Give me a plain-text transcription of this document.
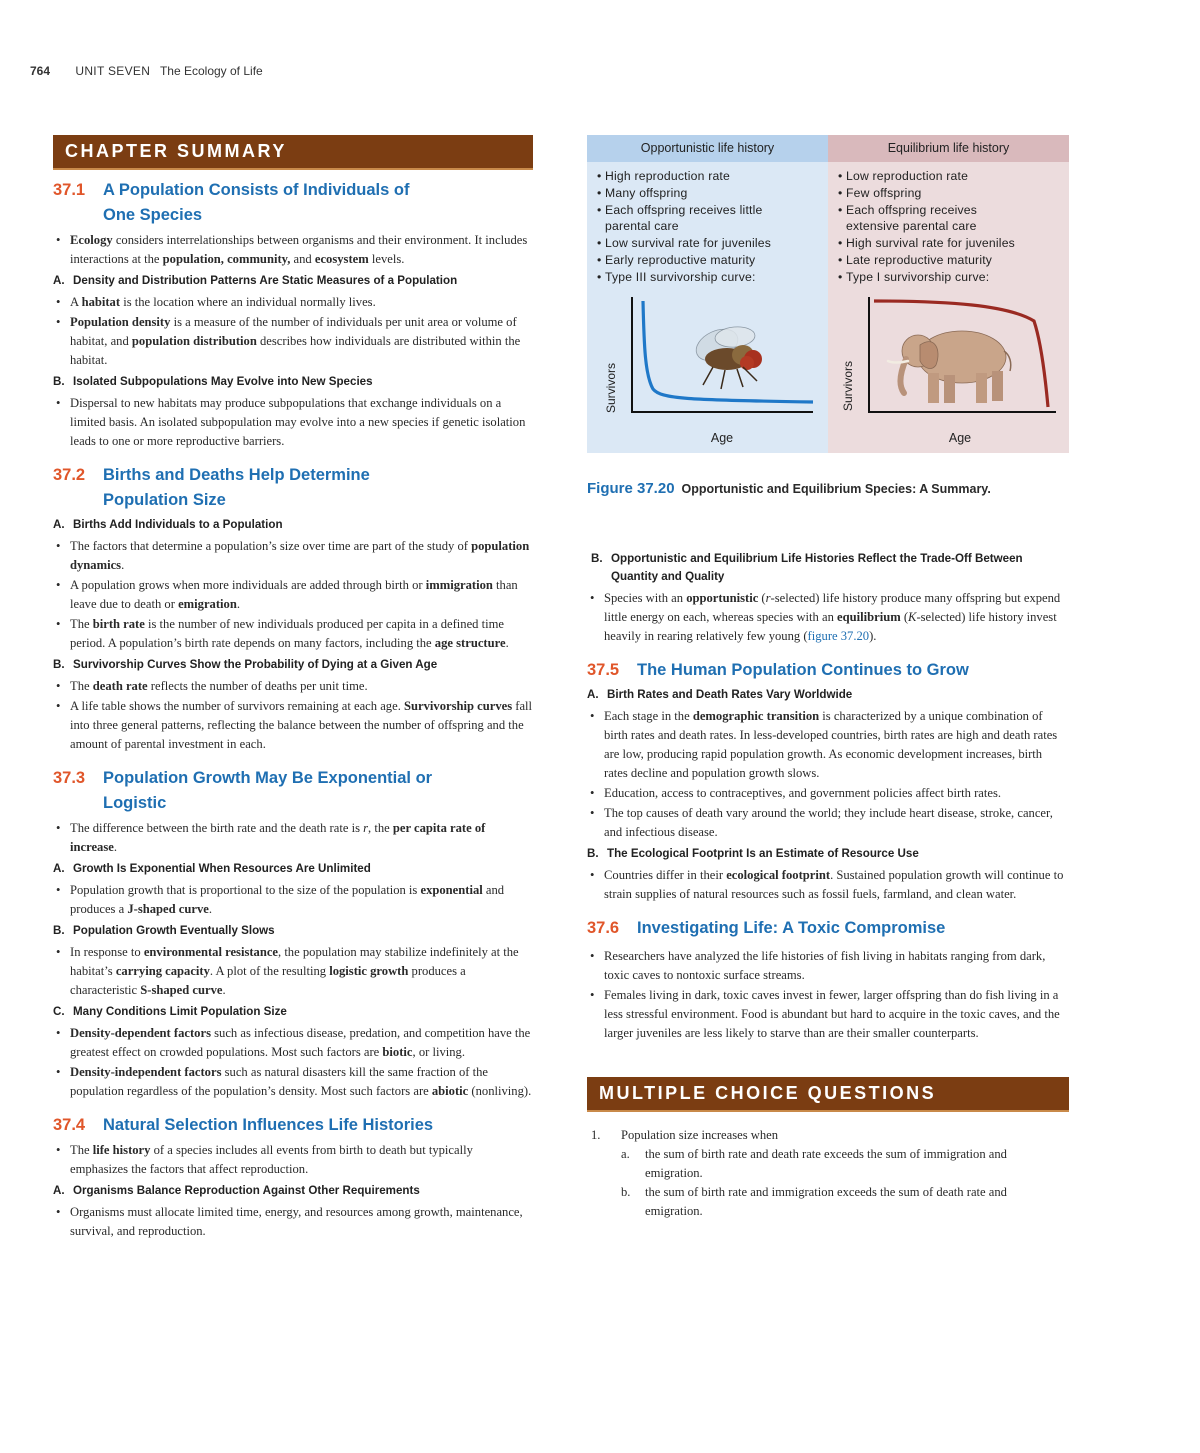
764 UNIT SEVEN The Ecology of Life
CHAPTER SUMMARY
37.1	A Population Consists of Individuals of One Species
• Ecology considers interrelationships between organisms and their environment. It includes interactions at the population, community, and ecosystem levels.
A. Density and Distribution Patterns Are Static Measures of a Population
• A habitat is the location where an individual normally lives.
• Population density is a measure of the number of individuals per unit area or volume of habitat, and population distribution describes how individuals are distributed within the habitat.
B. Isolated Subpopulations May Evolve into New Species
• Dispersal to new habitats may produce subpopulations that exchange individuals on a limited basis. An isolated subpopulation may evolve into a new species if genetic isolation leads to one or more reproductive barriers.
37.2	Births and Deaths Help Determine Population Size
A. Births Add Individuals to a Population
• The factors that determine a population’s size over time are part of the study of population dynamics.
• A population grows when more individuals are added through birth or immigration than leave due to death or emigration.
• The birth rate is the number of new individuals produced per capita in a defined time period. A population’s birth rate depends on many factors, including the age structure.
B. Survivorship Curves Show the Probability of Dying at a Given Age
• The death rate reflects the number of deaths per unit time.
• A life table shows the number of survivors remaining at each age. Survivorship curves fall into three general patterns, reflecting the balance between the number of offspring and the amount of parental investment in each.
37.3	Population Growth May Be Exponential or Logistic
• The difference between the birth rate and the death rate is r, the per capita rate of increase.
A. Growth Is Exponential When Resources Are Unlimited
• Population growth that is proportional to the size of the population is exponential and produces a J-shaped curve.
B. Population Growth Eventually Slows
• In response to environmental resistance, the population may stabilize indefinitely at the habitat’s carrying capacity. A plot of the resulting logistic growth produces a characteristic S-shaped curve.
C. Many Conditions Limit Population Size
• Density-dependent factors such as infectious disease, predation, and competition have the greatest effect on crowded populations. Most such factors are biotic, or living.
• Density-independent factors such as natural disasters kill the same fraction of the population regardless of the population’s density. Most such factors are abiotic (nonliving).
37.4	Natural Selection Influences Life Histories
• The life history of a species includes all events from birth to death but typically emphasizes the factors that affect reproduction.
A. Organisms Balance Reproduction Against Other Requirements
• Organisms must allocate limited time, energy, and resources among growth, maintenance, survival, and reproduction.
Opportunistic life history
• High reproduction rate
• Many offspring
• Each offspring receives little
parental care
• Low survival rate for juveniles
• Early reproductive maturity
• Type III survivorship curve:
Survivors
Age
Equilibrium life history
• Low reproduction rate
• Few offspring
• Each offspring receives
extensive parental care
• High survival rate for juveniles
• Late reproductive maturity
• Type I survivorship curve:
Survivors
Age
Figure 37.20 Opportunistic and Equilibrium Species: A Summary.
B. Opportunistic and Equilibrium Life Histories Reflect the Trade-Off Between Quantity and Quality
• Species with an opportunistic (r-selected) life history produce many offspring but expend little energy on each, whereas species with an equilibrium (K-selected) life history invest heavily in rearing relatively few young (figure 37.20).
37.5	The Human Population Continues to Grow
A. Birth Rates and Death Rates Vary Worldwide
• Each stage in the demographic transition is characterized by a unique combination of birth rates and death rates. In less-developed countries, birth rates are high and death rates are low, producing rapid population growth. As economic development increases, birth rates decline and population growth slows.
• Education, access to contraceptives, and government policies affect birth rates.
• The top causes of death vary around the world; they include heart disease, stroke, cancer, and infectious disease.
B. The Ecological Footprint Is an Estimate of Resource Use
• Countries differ in their ecological footprint. Sustained population growth will continue to strain supplies of natural resources such as fossil fuels, farmland, and clean water.
37.6	Investigating Life: A Toxic Compromise
• Researchers have analyzed the life histories of fish living in habitats ranging from dark, toxic caves to nontoxic surface streams.
• Females living in dark, toxic caves invest in fewer, larger offspring than do fish living in a less stressful environment. Food is abundant but hard to acquire in the toxic caves, and the larger juveniles are less likely to starve than are their smaller counterparts.
MULTIPLE CHOICE QUESTIONS
1.	Population size increases when
a.	the sum of birth rate and death rate exceeds the sum of immigration and emigration.
b.	the sum of birth rate and immigration exceeds the sum of death rate and emigration.
